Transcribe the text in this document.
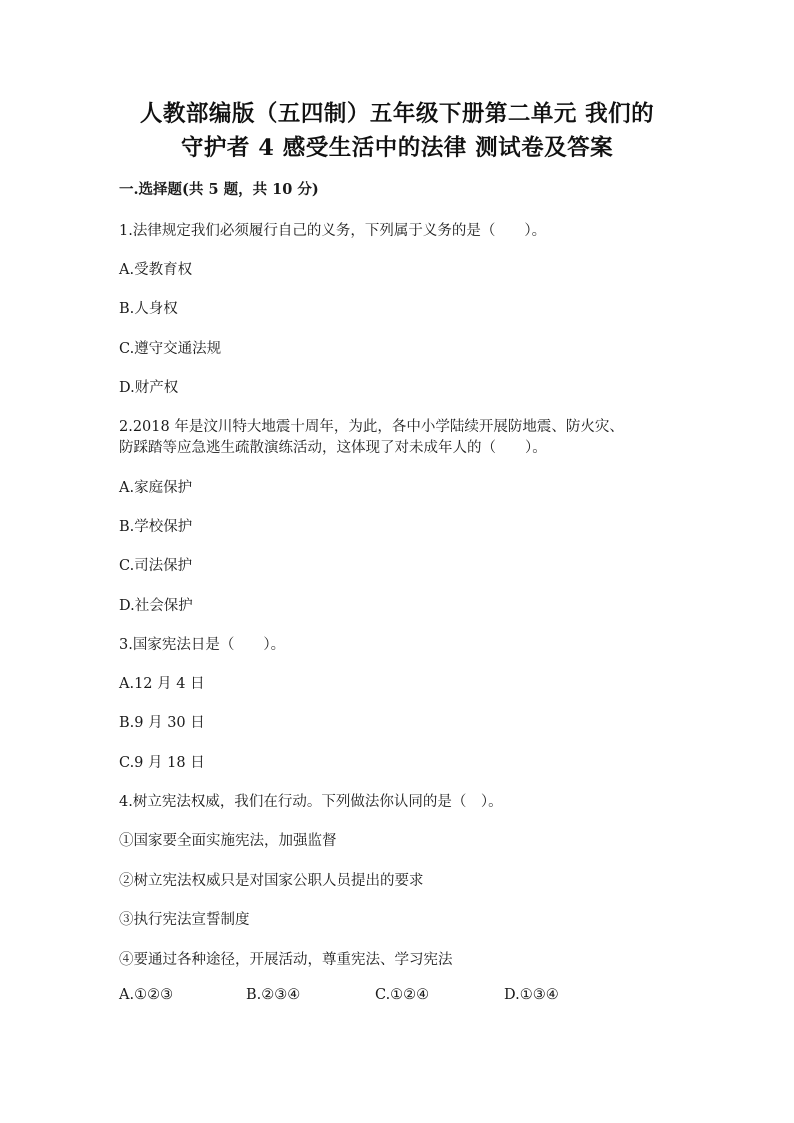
人教部编版（五四制）五年级下册第二单元 我们的
守护者 4 感受生活中的法律 测试卷及答案
一.选择题(共 5 题，共 10 分)
1.法律规定我们必须履行自己的义务，下列属于义务的是（　　）。
A.受教育权
B.人身权
C.遵守交通法规
D.财产权
2.2018 年是汶川特大地震十周年，为此，各中小学陆续开展防地震、防火灾、
防踩踏等应急逃生疏散演练活动，这体现了对未成年人的（　　）。
A.家庭保护
B.学校保护
C.司法保护
D.社会保护
3.国家宪法日是（　　）。
A.12 月 4 日
B.9 月 30 日
C.9 月 18 日
4.树立宪法权威，我们在行动。下列做法你认同的是（　）。
①国家要全面实施宪法，加强监督
②树立宪法权威只是对国家公职人员提出的要求
③执行宪法宣誓制度
④要通过各种途径，开展活动，尊重宪法、学习宪法
A.①②③	B.②③④	C.①②④	D.①③④
